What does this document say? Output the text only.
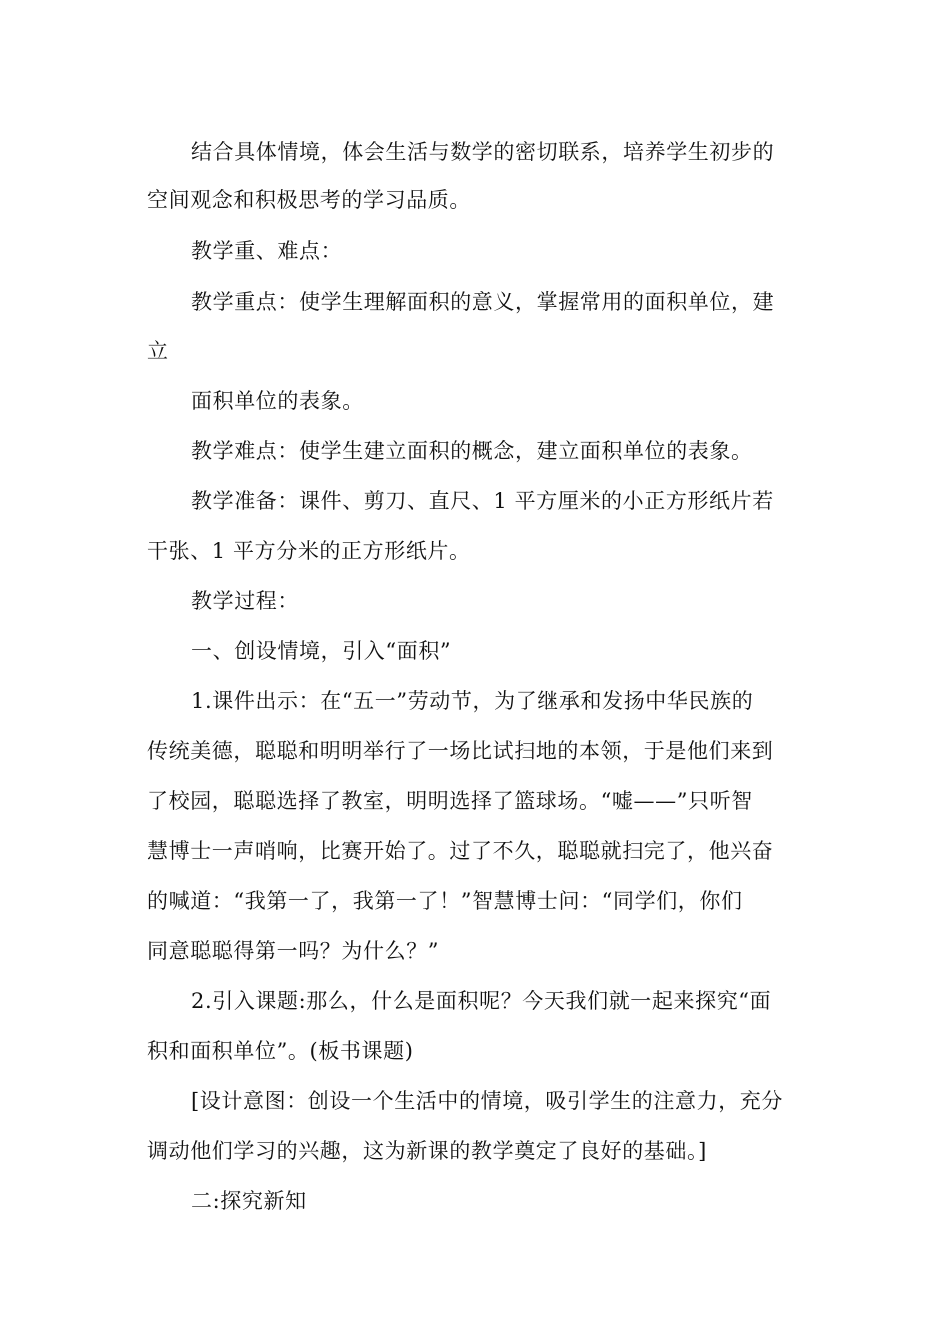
结合具体情境，体会生活与数学的密切联系，培养学生初步的
空间观念和积极思考的学习品质。
教学重、难点：
教学重点：使学生理解面积的意义，掌握常用的面积单位，建
立
面积单位的表象。
教学难点：使学生建立面积的概念，建立面积单位的表象。
教学准备：课件、剪刀、直尺、1 平方厘米的小正方形纸片若
干张、1 平方分米的正方形纸片。
教学过程：
一、创设情境，引入“面积”
1.课件出示：在“五一”劳动节，为了继承和发扬中华民族的
传统美德，聪聪和明明举行了一场比试扫地的本领，于是他们来到
了校园，聪聪选择了教室，明明选择了篮球场。“嘘——”只听智
慧博士一声哨响，比赛开始了。过了不久，聪聪就扫完了，他兴奋
的喊道：“我第一了，我第一了！”智慧博士问：“同学们，你们
同意聪聪得第一吗？为什么？”
2.引入课题:那么，什么是面积呢？今天我们就一起来探究“面
积和面积单位”。(板书课题)
[设计意图：创设一个生活中的情境，吸引学生的注意力，充分
调动他们学习的兴趣，这为新课的教学奠定了良好的基础。]
二:探究新知
